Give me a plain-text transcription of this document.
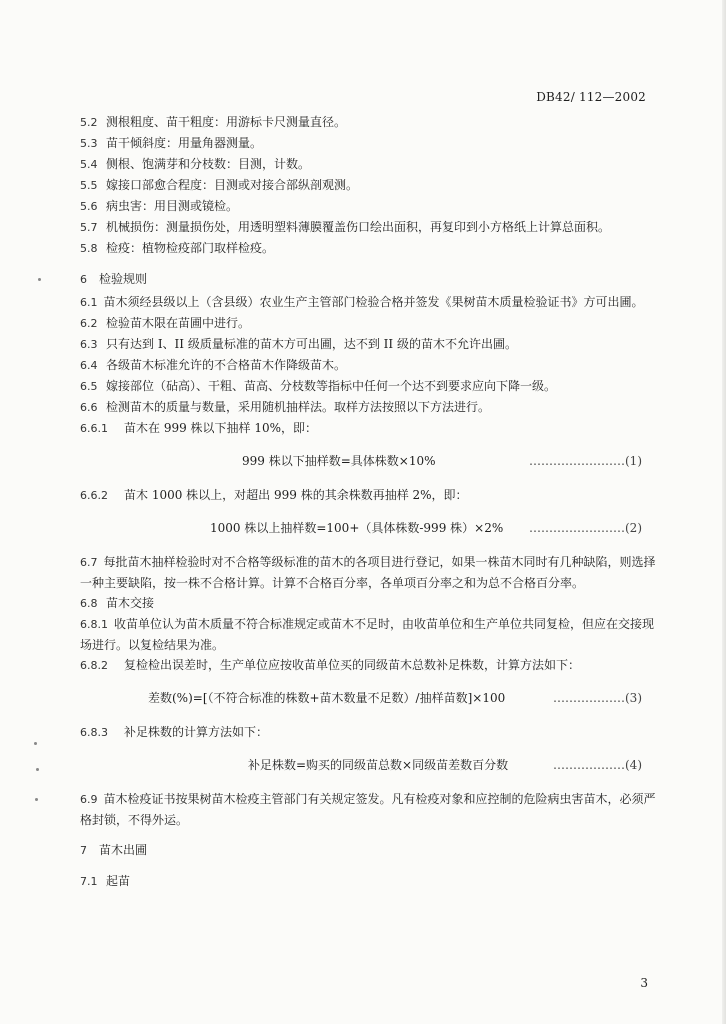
DB42/ 112—2002
5.2 测根粗度、苗干粗度：用游标卡尺测量直径。
5.3 苗干倾斜度：用量角器测量。
5.4 侧根、饱满芽和分枝数：目测，计数。
5.5 嫁接口部愈合程度：目测或对接合部纵剖观测。
5.6 病虫害：用目测或镜检。
5.7 机械损伤：测量损伤处，用透明塑料薄膜覆盖伤口绘出面积，再复印到小方格纸上计算总面积。
5.8 检疫：植物检疫部门取样检疫。
6 检验规则
6.1 苗木须经县级以上（含县级）农业生产主管部门检验合格并签发《果树苗木质量检验证书》方可出圃。
6.2 检验苗木限在苗圃中进行。
6.3 只有达到 I、II 级质量标准的苗木方可出圃，达不到 II 级的苗木不允许出圃。
6.4 各级苗木标准允许的不合格苗木作降级苗木。
6.5 嫁接部位（砧高）、干粗、苗高、分枝数等指标中任何一个达不到要求应向下降一级。
6.6 检测苗木的质量与数量，采用随机抽样法。取样方法按照以下方法进行。
6.6.1 苗木在 999 株以下抽样 10%，即：
999 株以下抽样数=具体株数×10%	……………………(1)
6.6.2 苗木 1000 株以上，对超出 999 株的其余株数再抽样 2%，即：
1000 株以上抽样数=100+（具体株数-999 株）×2% ……………………(2)
6.7 每批苗木抽样检验时对不合格等级标准的苗木的各项目进行登记，如果一株苗木同时有几种缺陷，则选择一种主要缺陷，按一株不合格计算。计算不合格百分率，各单项百分率之和为总不合格百分率。
6.8 苗木交接
6.8.1 收苗单位认为苗木质量不符合标准规定或苗木不足时，由收苗单位和生产单位共同复检，但应在交接现场进行。以复检结果为准。
6.8.2 复检检出误差时，生产单位应按收苗单位买的同级苗木总数补足株数，计算方法如下：
差数(%)=[（不符合标准的株数+苗木数量不足数）/抽样苗数]×100	………………(3)
6.8.3 补足株数的计算方法如下：
补足株数=购买的同级苗总数×同级苗差数百分数	………………(4)
6.9 苗木检疫证书按果树苗木检疫主管部门有关规定签发。凡有检疫对象和应控制的危险病虫害苗木，必须严格封锁，不得外运。
7 苗木出圃
7.1 起苗
3
